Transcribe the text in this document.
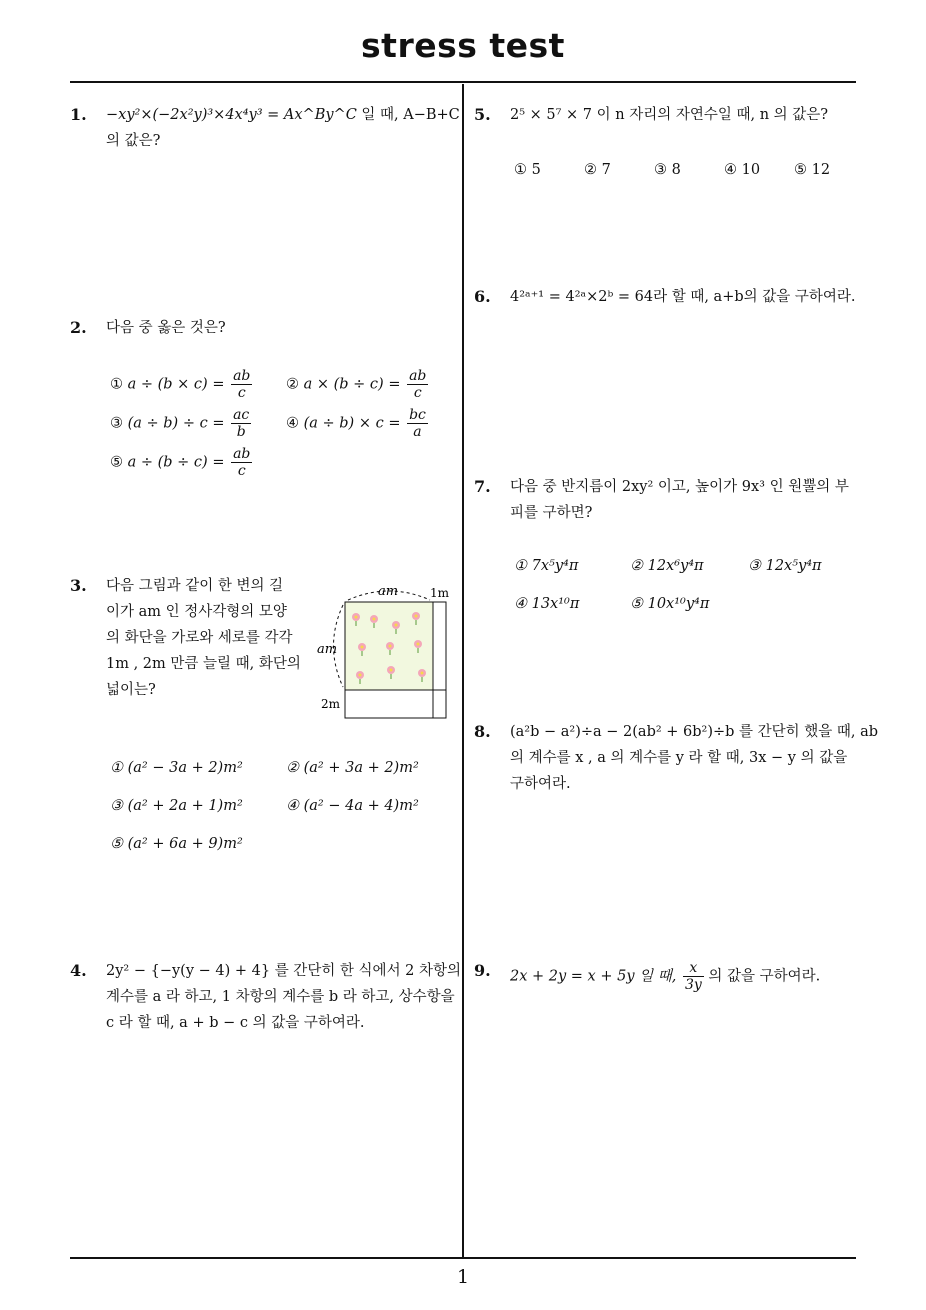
stress test
1
1. −xy²×(−2x²y)³×4x⁴y³ = Ax^By^C 일 때, A−B+C
의 값은?
2. 다음 중 옳은 것은?
① $a \div (b \times c) = \frac{ab}{c}$ ② $a \times (b \div c) = \frac{ab}{c}$
③ $(a \div b) \div c = \frac{ac}{b}$ ④ $(a \div b) \times c = \frac{bc}{a}$
⑤ $a \div (b \div c) = \frac{ab}{c}$
3. 다음 그림과 같이 한 변의 길
이가 am 인 정사각형의 모양
의 화단을 가로와 세로를 각각
1m , 2m 만큼 늘릴 때, 화단의
넓이는?
am
am
1m
2m
① (a² − 3a + 2)m²	② (a² + 3a + 2)m²
③ (a² + 2a + 1)m²	④ (a² − 4a + 4)m²
⑤ (a² + 6a + 9)m²
4. 2y² − {−y(y − 4) + 4} 를 간단히 한 식에서 2 차항의
계수를 a 라 하고, 1 차항의 계수를 b 라 하고, 상수항을
c 라 할 때, a + b − c 의 값을 구하여라.
5. 2⁵ × 5⁷ × 7 이 n 자리의 자연수일 때, n 의 값은?
① 5	② 7	③ 8	④ 10 ⑤ 12
6. 4²ᵃ⁺¹ = 4²ᵃ×2ᵇ = 64라 할 때, a+b의 값을 구하여라.
7. 다음 중 반지름이 2xy² 이고, 높이가 9x³ 인 원뿔의 부
피를 구하면?
① 7x⁵y⁴π	② 12x⁶y⁴π	③ 12x⁵y⁴π
④ 13x¹⁰π	⑤ 10x¹⁰y⁴π
8. (a²b − a²)÷a − 2(ab² + 6b²)÷b 를 간단히 했을 때, ab
의 계수를 x , a 의 계수를 y 라 할 때, 3x − y 의 값을
구하여라.
9. 2x + 2y = x + 5y 일 때, $\frac{x}{3y}$ 의 값을 구하여라.
